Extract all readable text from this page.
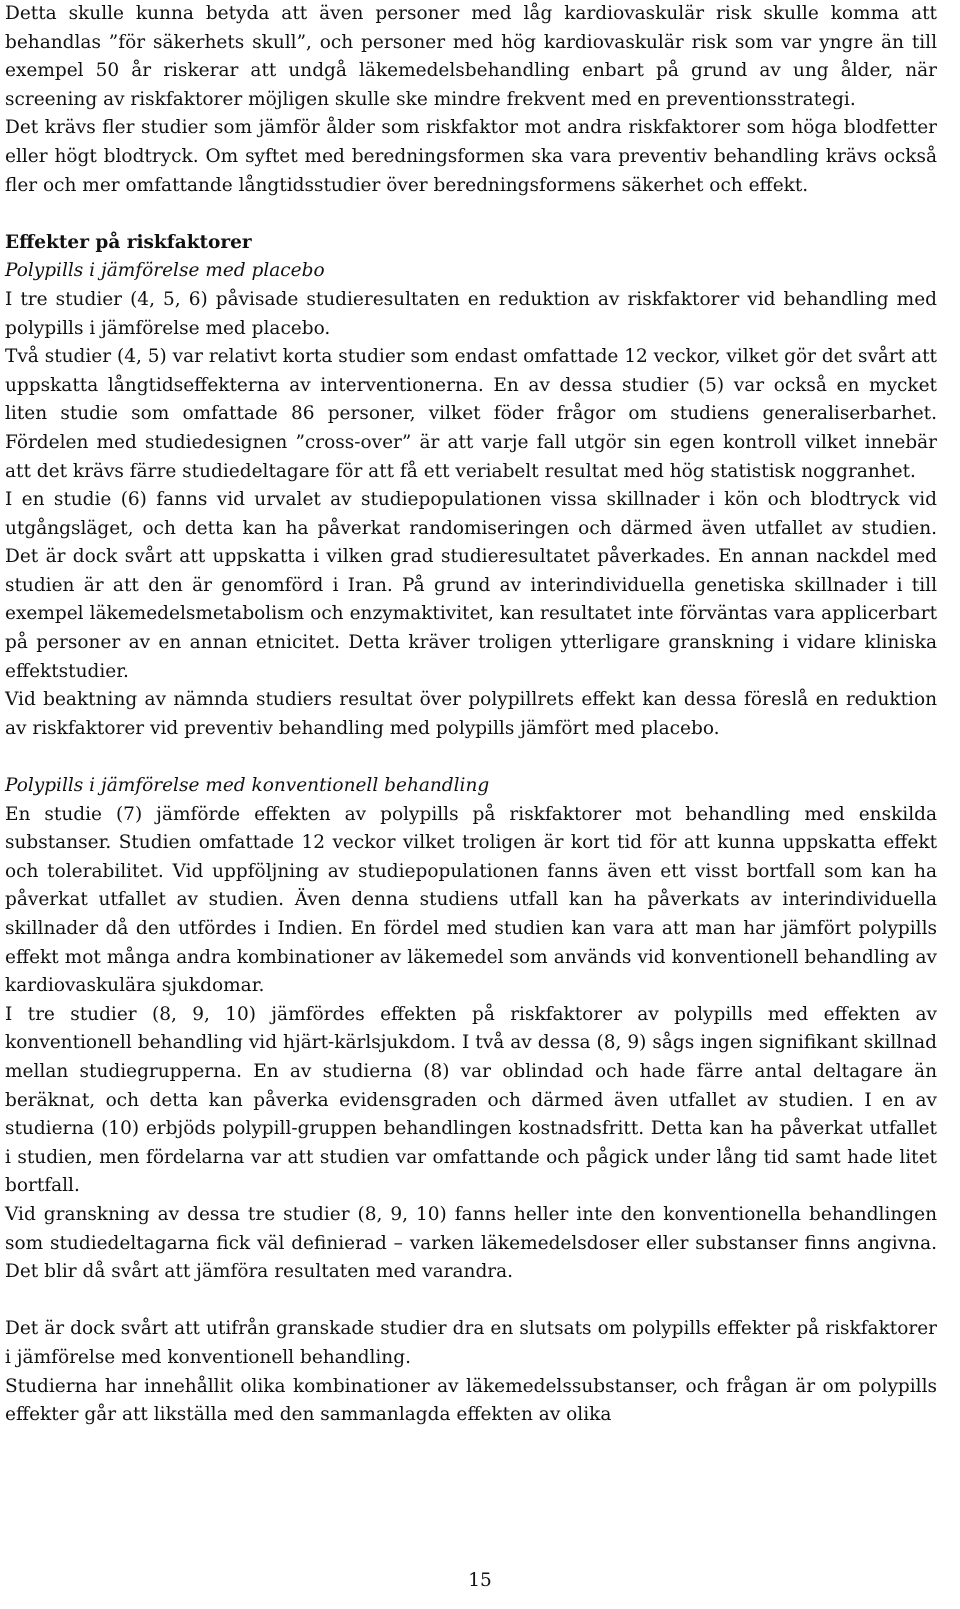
Detta skulle kunna betyda att även personer med låg kardiovaskulär risk skulle komma att behandlas ”för säkerhets skull”, och personer med hög kardiovaskulär risk som var yngre än till exempel 50 år riskerar att undgå läkemedelsbehandling enbart på grund av ung ålder, när screening av riskfaktorer möjligen skulle ske mindre frekvent med en preventionsstrategi.

Det krävs fler studier som jämför ålder som riskfaktor mot andra riskfaktorer som höga blodfetter eller högt blodtryck. Om syftet med beredningsformen ska vara preventiv behandling krävs också fler och mer omfattande långtidsstudier över beredningsformens säkerhet och effekt.

Effekter på riskfaktorer

Polypills i jämförelse med placebo

I tre studier (4, 5, 6) påvisade studieresultaten en reduktion av riskfaktorer vid behandling med polypills i jämförelse med placebo.

Två studier (4, 5) var relativt korta studier som endast omfattade 12 veckor, vilket gör det svårt att uppskatta långtidseffekterna av interventionerna. En av dessa studier (5) var också en mycket liten studie som omfattade 86 personer, vilket föder frågor om studiens generaliserbarhet. Fördelen med studiedesignen ”cross-over” är att varje fall utgör sin egen kontroll vilket innebär att det krävs färre studiedeltagare för att få ett veriabelt resultat med hög statistisk noggranhet.

I en studie (6) fanns vid urvalet av studiepopulationen vissa skillnader i kön och blodtryck vid utgångsläget, och detta kan ha påverkat randomiseringen och därmed även utfallet av studien. Det är dock svårt att uppskatta i vilken grad studieresultatet påverkades. En annan nackdel med studien är att den är genomförd i Iran. På grund av interindividuella genetiska skillnader i till exempel läkemedelsmetabolism och enzymaktivitet, kan resultatet inte förväntas vara applicerbart på personer av en annan etnicitet. Detta kräver troligen ytterligare granskning i vidare kliniska effektstudier.

Vid beaktning av nämnda studiers resultat över polypillrets effekt kan dessa föreslå en reduktion av riskfaktorer vid preventiv behandling med polypills jämfört med placebo.

Polypills i jämförelse med konventionell behandling

En studie (7) jämförde effekten av polypills på riskfaktorer mot behandling med enskilda substanser. Studien omfattade 12 veckor vilket troligen är kort tid för att kunna uppskatta effekt och tolerabilitet. Vid uppföljning av studiepopulationen fanns även ett visst bortfall som kan ha påverkat utfallet av studien. Även denna studiens utfall kan ha påverkats av interindividuella skillnader då den utfördes i Indien. En fördel med studien kan vara att man har jämfört polypills effekt mot många andra kombinationer av läkemedel som används vid konventionell behandling av kardiovaskulära sjukdomar.

I tre studier (8, 9, 10) jämfördes effekten på riskfaktorer av polypills med effekten av konventionell behandling vid hjärt-kärlsjukdom. I två av dessa (8, 9) sågs ingen signifikant skillnad mellan studiegrupperna. En av studierna (8) var oblindad och hade färre antal deltagare än beräknat, och detta kan påverka evidensgraden och därmed även utfallet av studien. I en av studierna (10) erbjöds polypill-gruppen behandlingen kostnadsfritt. Detta kan ha påverkat utfallet i studien, men fördelarna var att studien var omfattande och pågick under lång tid samt hade litet bortfall.

Vid granskning av dessa tre studier (8, 9, 10) fanns heller inte den konventionella behandlingen som studiedeltagarna fick väl definierad – varken läkemedelsdoser eller substanser finns angivna. Det blir då svårt att jämföra resultaten med varandra.

Det är dock svårt att utifrån granskade studier dra en slutsats om polypills effekter på riskfaktorer i jämförelse med konventionell behandling.

Studierna har innehållit olika kombinationer av läkemedelssubstanser, och frågan är om polypills effekter går att likställa med den sammanlagda effekten av olika

15
